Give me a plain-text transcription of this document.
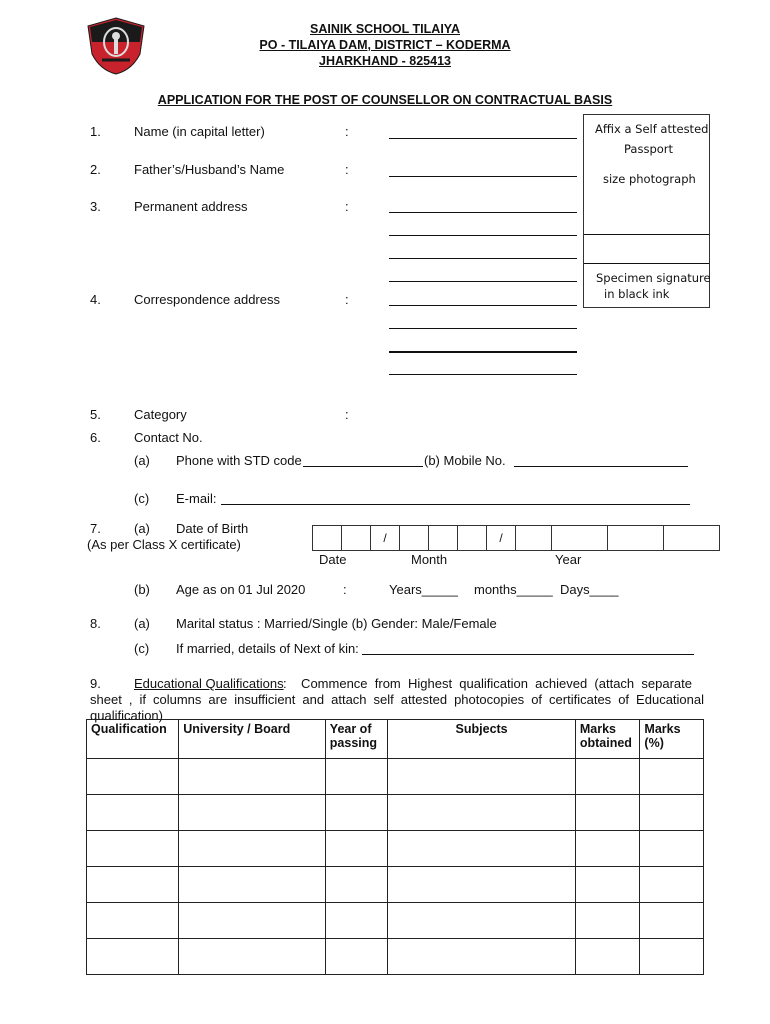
SAINIK SCHOOL TILAIYA
PO - TILAIYA DAM, DISTRICT – KODERMA
JHARKHAND - 825413
APPLICATION FOR THE POST OF COUNSELLOR ON CONTRACTUAL BASIS
Affix a Self attested
Passport
size photograph
Specimen signature
in black ink
1.	Name (in capital letter)	:
2.	Father’s/Husband’s Name	:
3.	Permanent address	:
4.	Correspondence address	:
5.	Category	:
6.	Contact No.
(a) Phone with STD code	(b) Mobile No.
(c) E-mail:
7.	(a) Date of Birth
(As per Class X certificate)
			/				/				
Date	Month	Year
(b) Age as on 01 Jul 2020	:	Years_____ months_____ Days____
8.	(a) Marital status : Married/Single (b) Gender: Male/Female
(c) If married, details of Next of kin:
9.	Educational Qualifications :    Commence  from  Highest  qualification  achieved  (attach  separate
sheet , if columns are insufficient and attach self attested photocopies of certificates of Educational qualification)
Qualification	University / Board	Year of passing	Subjects	Marks obtained	Marks (%)
